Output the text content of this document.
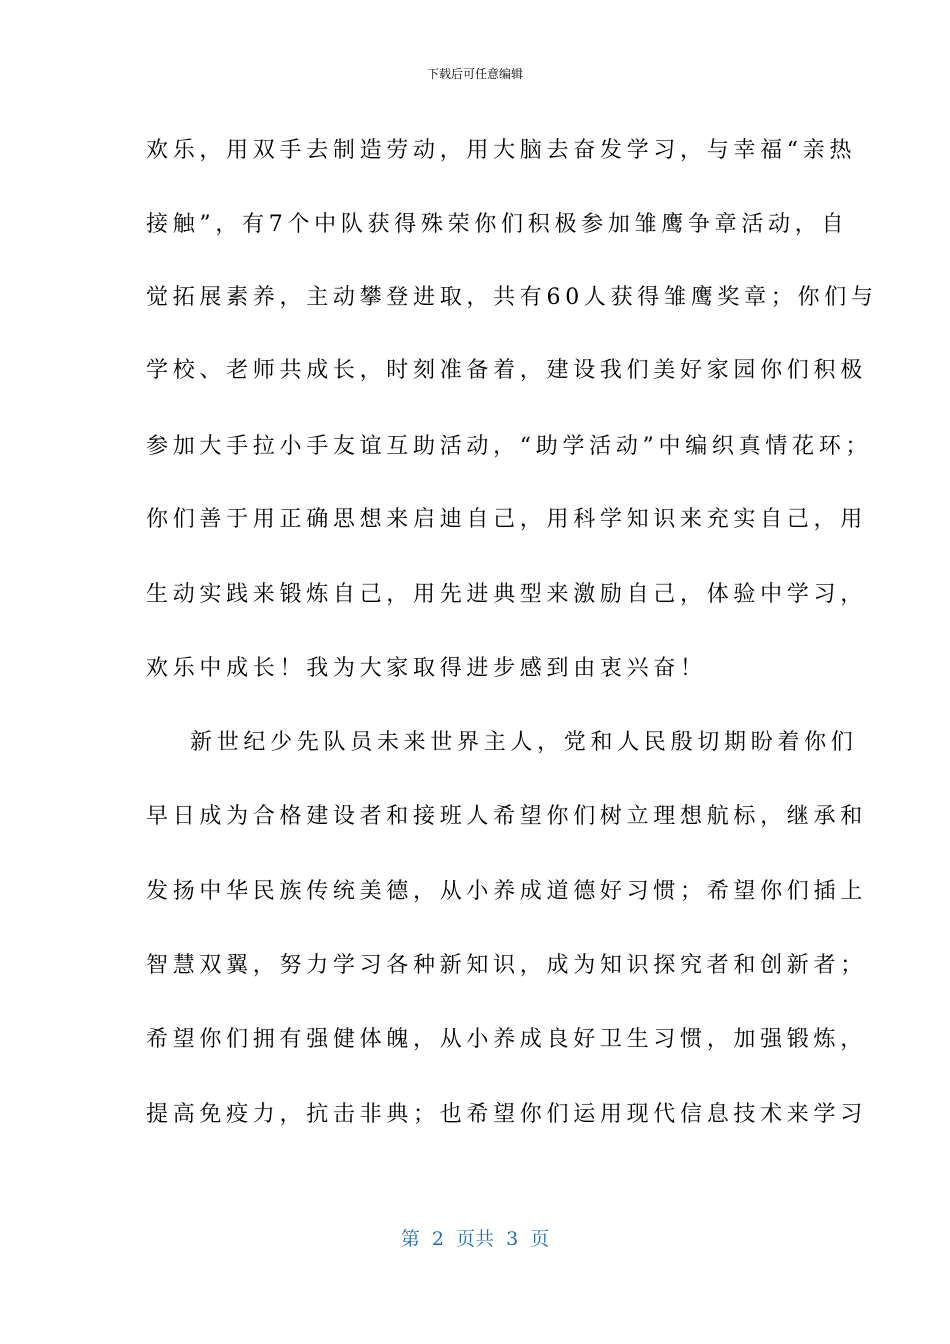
下载后可任意编辑
欢乐，用双手去制造劳动，用大脑去奋发学习，与幸福“亲热
接触”，有7个中队获得殊荣你们积极参加雏鹰争章活动，自
觉拓展素养，主动攀登进取，共有60人获得雏鹰奖章；你们与
学校、老师共成长，时刻准备着，建设我们美好家园你们积极
参加大手拉小手友谊互助活动，“助学活动”中编织真情花环；
你们善于用正确思想来启迪自己，用科学知识来充实自己，用
生动实践来锻炼自己，用先进典型来激励自己，体验中学习，
欢乐中成长！我为大家取得进步感到由衷兴奋！
新世纪少先队员未来世界主人，党和人民殷切期盼着你们
早日成为合格建设者和接班人希望你们树立理想航标，继承和
发扬中华民族传统美德，从小养成道德好习惯；希望你们插上
智慧双翼，努力学习各种新知识，成为知识探究者和创新者；
希望你们拥有强健体魄，从小养成良好卫生习惯，加强锻炼，
提高免疫力，抗击非典；也希望你们运用现代信息技术来学习
第  2  页共  3  页
